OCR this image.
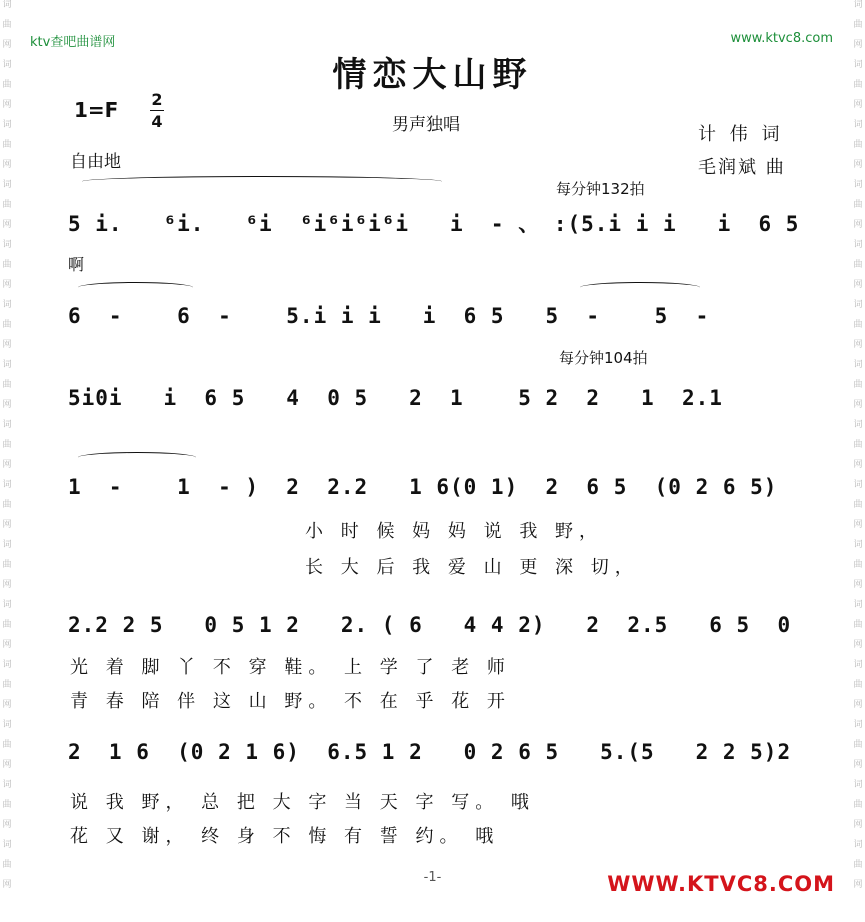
词
曲
网
词
曲
网
词
曲
网
词
曲
网
词
曲
网
词
曲
网
词
曲
网
词
曲
网
词
曲
网
词
曲
网
词
曲
网
词
曲
网
词
曲
网
词
曲
网
词
曲
网
词
曲
网
词
曲
网
词
曲
网
词
曲
网
词
曲
网
词
曲
网
词
曲
网
词
曲
网
词
曲
网
词
曲
网
词
曲
网
词
曲
网
词
曲
网
词
曲
网
词
曲
网
ktv查吧曲谱网	www.ktvc8.com
情恋大山野
1=F 2
4	男声独唱	计 伟 词
毛润斌 曲
自由地
每分钟132拍
每分钟104拍
5 i.   ⁶i.   ⁶i  ⁶i⁶i⁶i⁶i   i  - 、 :(5.i i i   i  6 5
啊
6  -    6  -    5.i i i   i  6 5   5  -    5  -
5i0i   i  6 5   4  0 5   2  1    5 2  2   1  2.1
1  -    1  - )  2  2.2   1 6(0 1)  2  6 5  (0 2 6 5)
小 时 候 妈 妈 说 我 野，
长 大 后 我 爱 山 更 深 切，
2.2 2 5   0 5 1 2   2. ( 6   4 4 2)   2  2.5   6 5  0
光 着 脚 丫 不 穿 鞋。 上 学 了 老 师
青 春 陪 伴 这 山 野。 不 在 乎 花 开
2  1 6  (0 2 1 6)  6.5 1 2   0 2 6 5   5.(5   2 2 5)2
说 我 野， 总 把 大 字 当 天 字 写。 哦
花 又 谢， 终 身 不 悔 有 誓 约。 哦
-1-	WWW.KTVC8.COM
